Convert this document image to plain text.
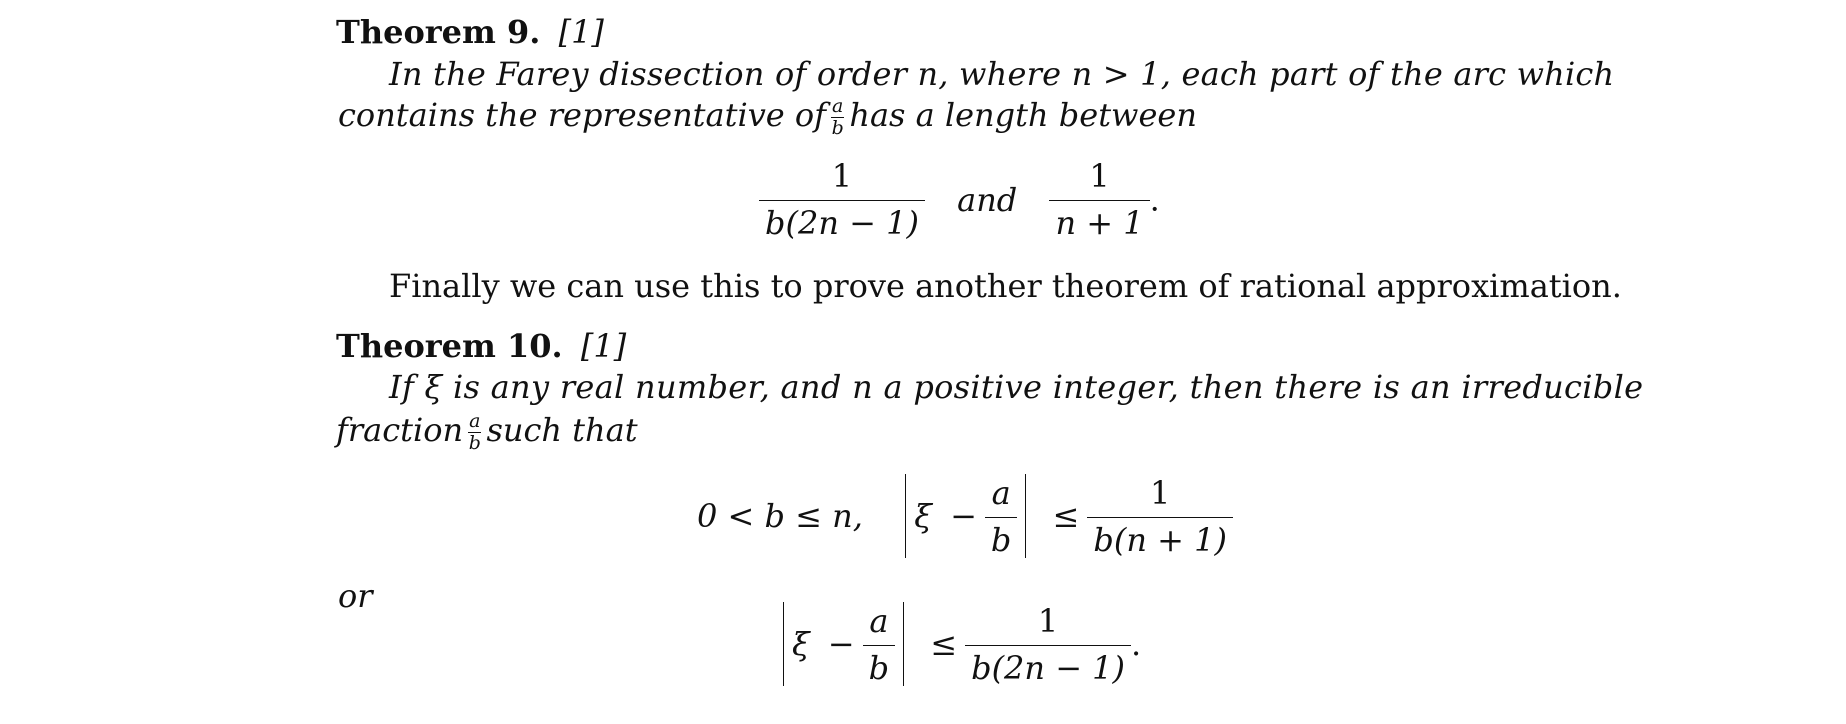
Theorem 9. [1]
In the Farey dissection of order n, where n > 1, each part of the arc which
contains the representative of $\frac{a}{b}$ has a length between
$\frac{1}{b(2n - 1)}$ and $\frac{1}{n + 1}$ .
Finally we can use this to prove another theorem of rational approximation.
Theorem 10. [1]
If ξ is any real number, and n a positive integer, then there is an irreducible
fraction $\frac{a}{b}$ such that
0 < b ≤ n, $\xi - \frac{a}{b} \le \frac{1}{b(n + 1)}$
or
$\xi - \frac{a}{b} \le \frac{1}{b(2n - 1)}$ .
